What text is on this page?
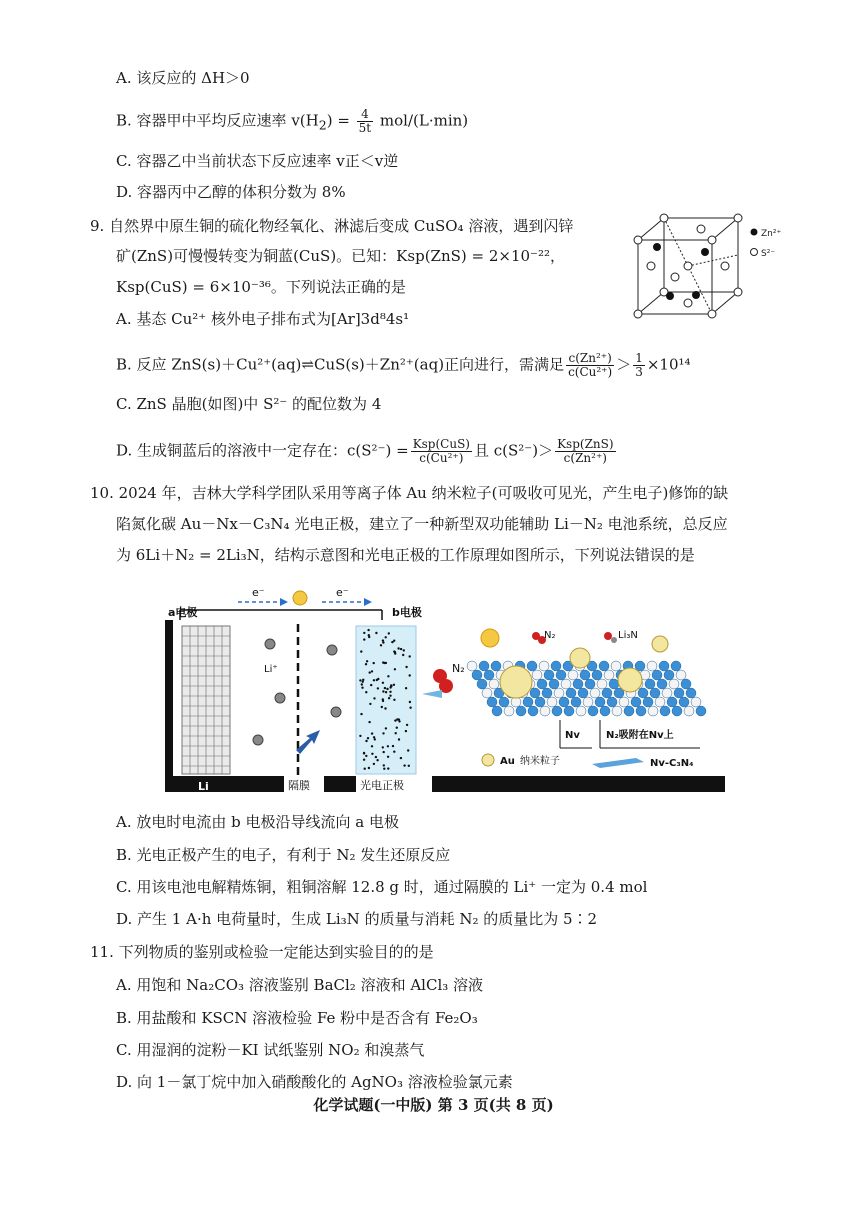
A. 该反应的 ΔH＞0
B. 容器甲中平均反应速率 $v(H_2) = \frac{4}{5t} mol/(L\cdot\min)$
C. 容器乙中当前状态下反应速率 v正＜v逆
D. 容器丙中乙醇的体积分数为 8%
9. 自然界中原生铜的硫化物经氧化、淋滤后变成 CuSO₄ 溶液，遇到闪锌
矿(ZnS)可慢慢转变为铜蓝(CuS)。已知：Ksp(ZnS) = 2×10⁻²²，
Ksp(CuS) = 6×10⁻³⁶。下列说法正确的是
Zn²⁺
S²⁻
A. 基态 Cu²⁺ 核外电子排布式为[Ar]3d⁸4s¹
B. 反应 ZnS(s)＋Cu²⁺(aq)⇌CuS(s)＋Zn²⁺(aq)正向进行，需满足 $\frac{\text{c(Zn²⁺)}}{\text{c(Cu²⁺)}} > \frac{1}{3} \times 10^{14}$
C. ZnS 晶胞(如图)中 S²⁻ 的配位数为 4
D. 生成铜蓝后的溶液中一定存在：$c(S^{2-}) = \frac{\text{Ksp(CuS)}}{\text{c(Cu²⁺)}}$ 且 $c(S^{2-})> \frac{\text{Ksp(ZnS)}}{\text{c(Zn²⁺)}}$
10. 2024 年，吉林大学科学团队采用等离子体 Au 纳米粒子(可吸收可见光，产生电子)修饰的缺
陷氮化碳 Au－Nx－C₃N₄ 光电正极，建立了一种新型双功能辅助 Li－N₂ 电池系统，总反应
为 6Li＋N₂ = 2Li₃N，结构示意图和光电正极的工作原理如图所示，下列说法错误的是
a电极	b电极
e⁻	e⁻
Li⁺	N₂
Li	隔膜	光电正极
N₂	Li₃N
Nv	N₂吸附在Nv上
Au 纳米粒子	Nv-C₃N₄
A. 放电时电流由 b 电极沿导线流向 a 电极
B. 光电正极产生的电子，有利于 N₂ 发生还原反应
C. 用该电池电解精炼铜，粗铜溶解 12.8 g 时，通过隔膜的 Li⁺ 一定为 0.4 mol
D. 产生 1 A·h 电荷量时，生成 Li₃N 的质量与消耗 N₂ 的质量比为 5∶2
11. 下列物质的鉴别或检验一定能达到实验目的的是
A. 用饱和 Na₂CO₃ 溶液鉴别 BaCl₂ 溶液和 AlCl₃ 溶液
B. 用盐酸和 KSCN 溶液检验 Fe 粉中是否含有 Fe₂O₃
C. 用湿润的淀粉－KI 试纸鉴别 NO₂ 和溴蒸气
D. 向 1－氯丁烷中加入硝酸酸化的 AgNO₃ 溶液检验氯元素
化学试题(一中版) 第 3 页(共 8 页)
